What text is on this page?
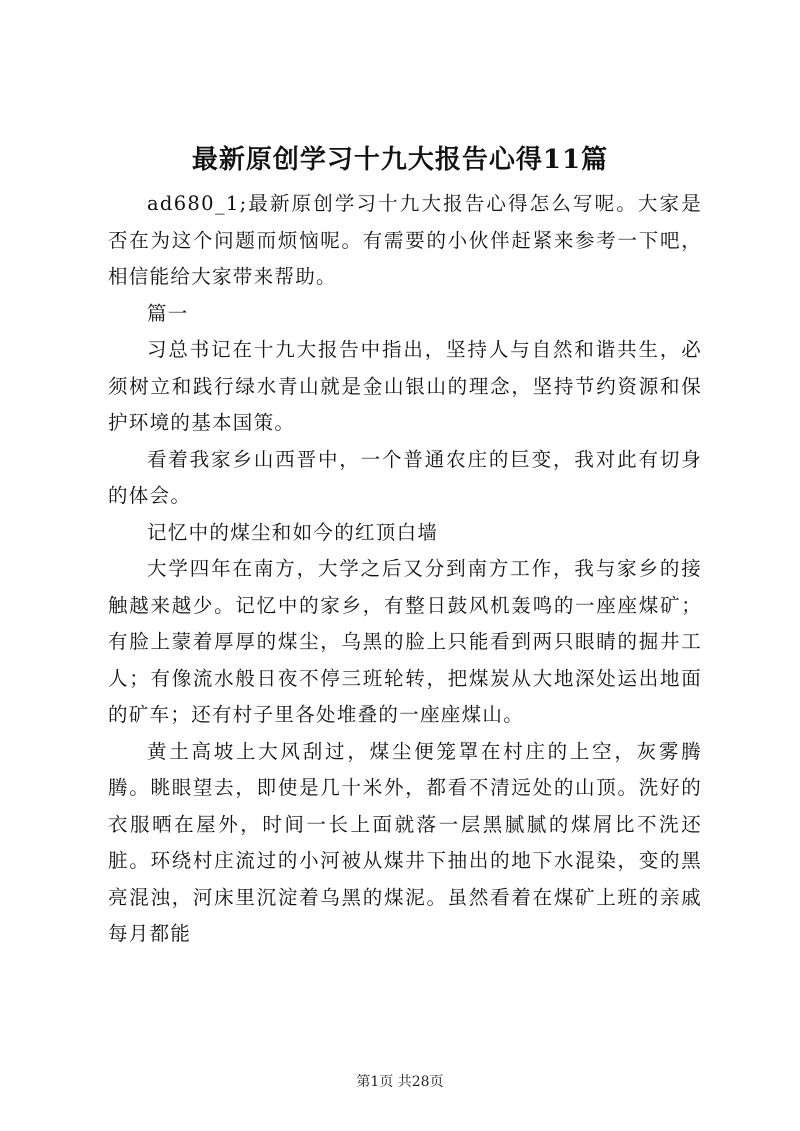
最新原创学习十九大报告心得11篇

ad680_1;最新原创学习十九大报告心得怎么写呢。大家是否在为这个问题而烦恼呢。有需要的小伙伴赶紧来参考一下吧，相信能给大家带来帮助。

篇一

习总书记在十九大报告中指出，坚持人与自然和谐共生，必须树立和践行绿水青山就是金山银山的理念，坚持节约资源和保护环境的基本国策。

看着我家乡山西晋中，一个普通农庄的巨变，我对此有切身的体会。

记忆中的煤尘和如今的红顶白墙

大学四年在南方，大学之后又分到南方工作，我与家乡的接触越来越少。记忆中的家乡，有整日鼓风机轰鸣的一座座煤矿；有脸上蒙着厚厚的煤尘，乌黑的脸上只能看到两只眼睛的掘井工人；有像流水般日夜不停三班轮转，把煤炭从大地深处运出地面的矿车；还有村子里各处堆叠的一座座煤山。

黄土高坡上大风刮过，煤尘便笼罩在村庄的上空，灰雾腾腾。眺眼望去，即使是几十米外，都看不清远处的山顶。洗好的衣服晒在屋外，时间一长上面就落一层黑腻腻的煤屑比不洗还脏。环绕村庄流过的小河被从煤井下抽出的地下水混染，变的黑亮混浊，河床里沉淀着乌黑的煤泥。虽然看着在煤矿上班的亲戚每月都能

第1页 共28页
